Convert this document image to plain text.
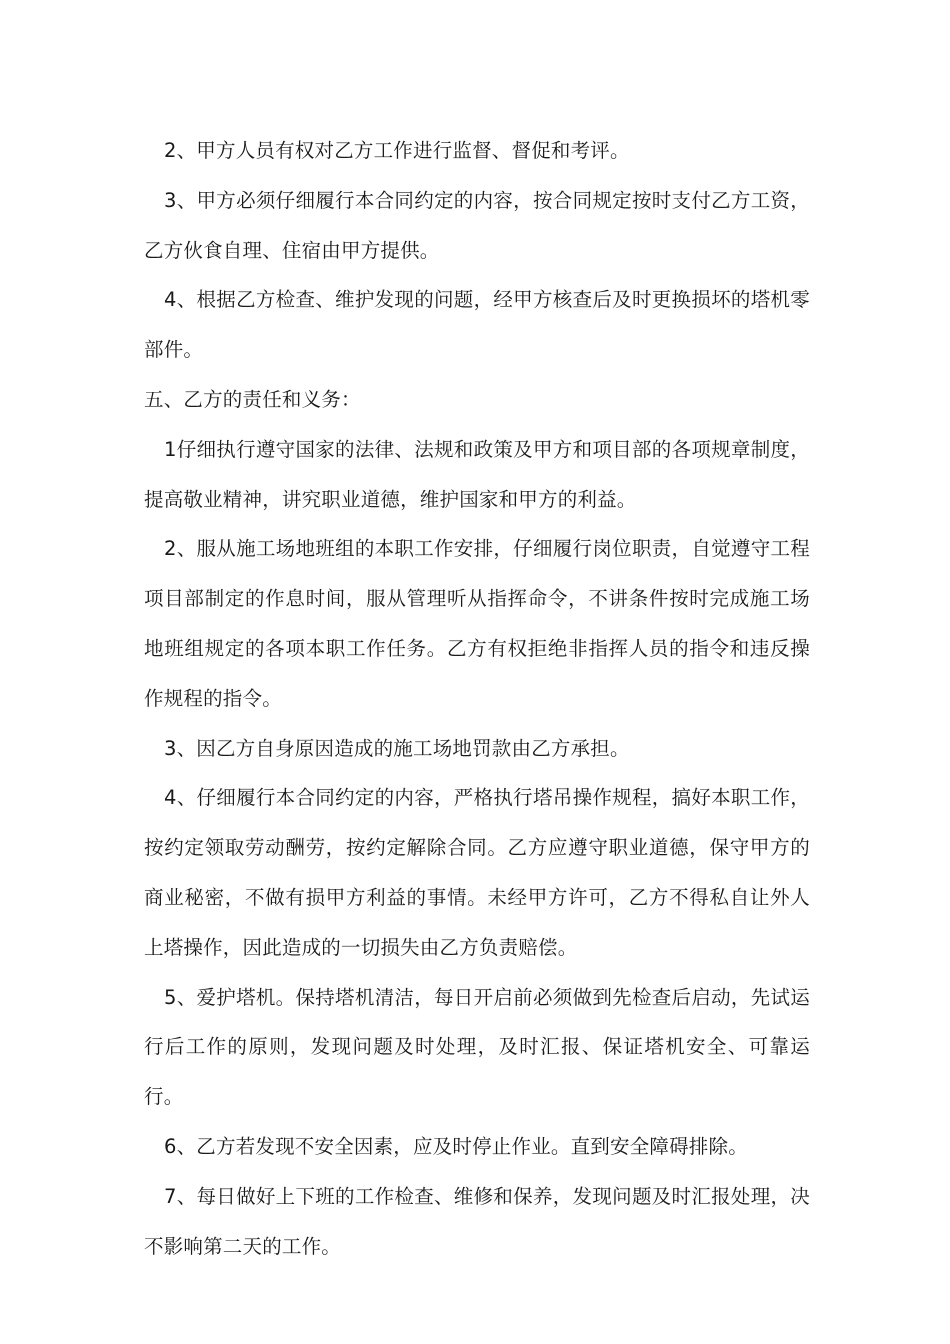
2、甲方人员有权对乙方工作进行监督、督促和考评。

3、甲方必须仔细履行本合同约定的内容，按合同规定按时支付乙方工资，乙方伙食自理、住宿由甲方提供。

4、根据乙方检查、维护发现的问题，经甲方核查后及时更换损坏的塔机零部件。

五、乙方的责任和义务：

1仔细执行遵守国家的法律、法规和政策及甲方和项目部的各项规章制度，提高敬业精神，讲究职业道德，维护国家和甲方的利益。

2、服从施工场地班组的本职工作安排，仔细履行岗位职责，自觉遵守工程项目部制定的作息时间，服从管理听从指挥命令，不讲条件按时完成施工场地班组规定的各项本职工作任务。乙方有权拒绝非指挥人员的指令和违反操作规程的指令。

3、因乙方自身原因造成的施工场地罚款由乙方承担。

4、仔细履行本合同约定的内容，严格执行塔吊操作规程，搞好本职工作，按约定领取劳动酬劳，按约定解除合同。乙方应遵守职业道德，保守甲方的商业秘密，不做有损甲方利益的事情。未经甲方许可，乙方不得私自让外人上塔操作，因此造成的一切损失由乙方负责赔偿。

5、爱护塔机。保持塔机清洁，每日开启前必须做到先检查后启动，先试运行后工作的原则，发现问题及时处理，及时汇报、保证塔机安全、可靠运行。

6、乙方若发现不安全因素，应及时停止作业。直到安全障碍排除。

7、每日做好上下班的工作检查、维修和保养，发现问题及时汇报处理，决不影响第二天的工作。
